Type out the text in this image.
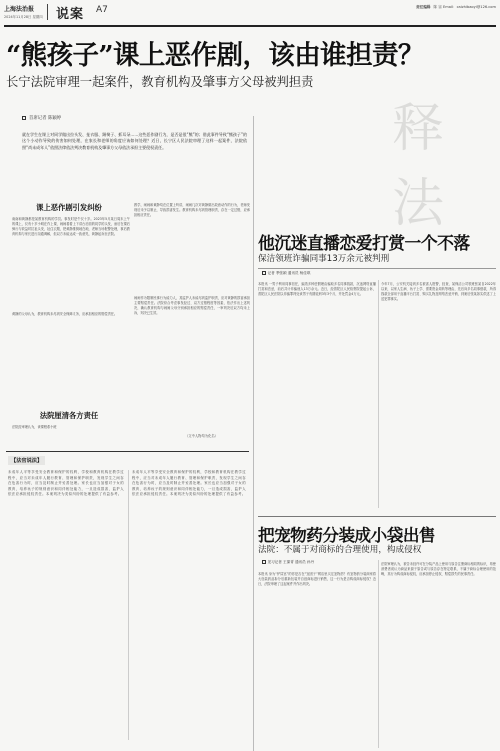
上海法治报
2024年11月28日 星期四 说案 A7	责任编辑 陈 宙 Email：caizhibaoyi@126.com
“熊孩子”课上恶作剧，该由谁担责？
长宁法院审理一起案件，教育机构及肇事方父母被判担责
释法
首席记者 陈颖婷
就在学生在课上对同学做出拉头发、扯衣服、踢椅子、抓耳朵……这些恶作剧行为，是否是很“熊”的；借此事件导致“熊孩子”的这个小动作导致的伤害如何处理，在家长和老师的角度应该如何处理？近日，长宁区人民法院审理了这样一起案件，法院依照“尚未成年人”依照法律依法判决教育机构及肇事方父母依法承担主要侵权责任。
课上恶作剧引发纠纷
南南和黄静都是某教育机构的学员。事发时是午仅十岁。2023年5月某日周末上午的课上，仅有十岁小明在作上课，闹闹看着上下讲台后面的同学的头发，而后在课后骑行与收益时拉扯头发，扯住衣服，把黄静推倒地在地，老师当场报警处理，事后教育机构与家长进行沟通调解，但双方未能达成一致意见，黄静起诉至法院。
黄静的父母认为，教育机构未尽到安全保障义务，应承担相应的赔偿责任。
法院厘清各方责任
法院经审理认为，该课程系小班
教学，闹闹和黄静均在位置上听讲，闹闹几次对黄静做出故意动作的行为，老师发现后未予以制止，导致损害发生。教育机构未尽到管理职责，存在一定过错，应承担相应责任。
闹闹作为限制民事行为能力人，其监护人未能尽到监护职责，应对黄静的损害承担主要赔偿责任。法院综合考虑事发经过、双方过错程度等因素，依法作出上述判决，确认教育机构与闹闹父母分别承担相应的赔偿责任，一审判决后双方均未上诉，判决已生效。
（文中人物均为化名）
【法官说法】
未成年人平等享受安全教育和保护的权利，学校和教育机构在教学过程中，应当对未成年人履行教育、管理和保护职责，发现学生之间存在危害行为时，应当及时制止并妥善处理。家长也应当加强对子女的教育，培养孩子的规则意识和同伴相处能力，一旦造成损害，监护人依法应承担侵权责任。本案判决为类似纠纷的处理提供了有益参考。
未成年人平等享受安全教育和保护的权利，学校和教育机构在教学过程中，应当对未成年人履行教育、管理和保护职责，发现学生之间存在危害行为时，应当及时制止并妥善处理。家长也应当加强对子女的教育，培养孩子的规则意识和同伴相处能力，一旦造成损害，监护人依法应承担侵权责任。本案判决为类似纠纷的处理提供了有益参考。
他沉迷直播恋爱打赏一个不落
保洁领班诈骗同事13万余元被判刑
记者 季张颖 通讯员 杨佳琪
本报讯 一男子利用同事信任，编造多种虚假理由骗取多名同事钱款，沉迷网络直播打赏和恋爱，前后共计诈骗他人13万余元。近日，经普陀区人民检察院提起公诉，普陀区人民法院以诈骗罪判处该男子有期徒刑3年3个月，并处罚金4万元。
今年7月，公安机关接到多名被害人报警，经查，某保洁公司领班张某自2022年以来，以家人生病、孩子上学、需要资金周转等理由，先后向多名同事借款，所得钱款全部用于直播平台打赏、购买礼物及网络恋爱开销，到案后张某如实供述了上述犯罪事实。
把宠物药分装成小袋出售
法院：不属于对商标的合理使用，构成侵权
见习记者 王葆青 通讯员 孙丹
本报讯 身为“铲屎官”的你是否在“宠团子”网店里买过宠物药？有宠物药分装商家将大包装药品拆分后重新包装并自创商标进行销售，这一行为是否构成商标侵权？近日，法院审理了这起案件并作出判决。
法院审理认为，被告未经许可在分装产品上使用与原告注册商标相同的标识，易使消费者误认为商品来源于原告或与原告存在特定联系，不属于商标合理使用的范畴，其行为构成商标侵权，应承担停止侵权、赔偿损失的民事责任。
